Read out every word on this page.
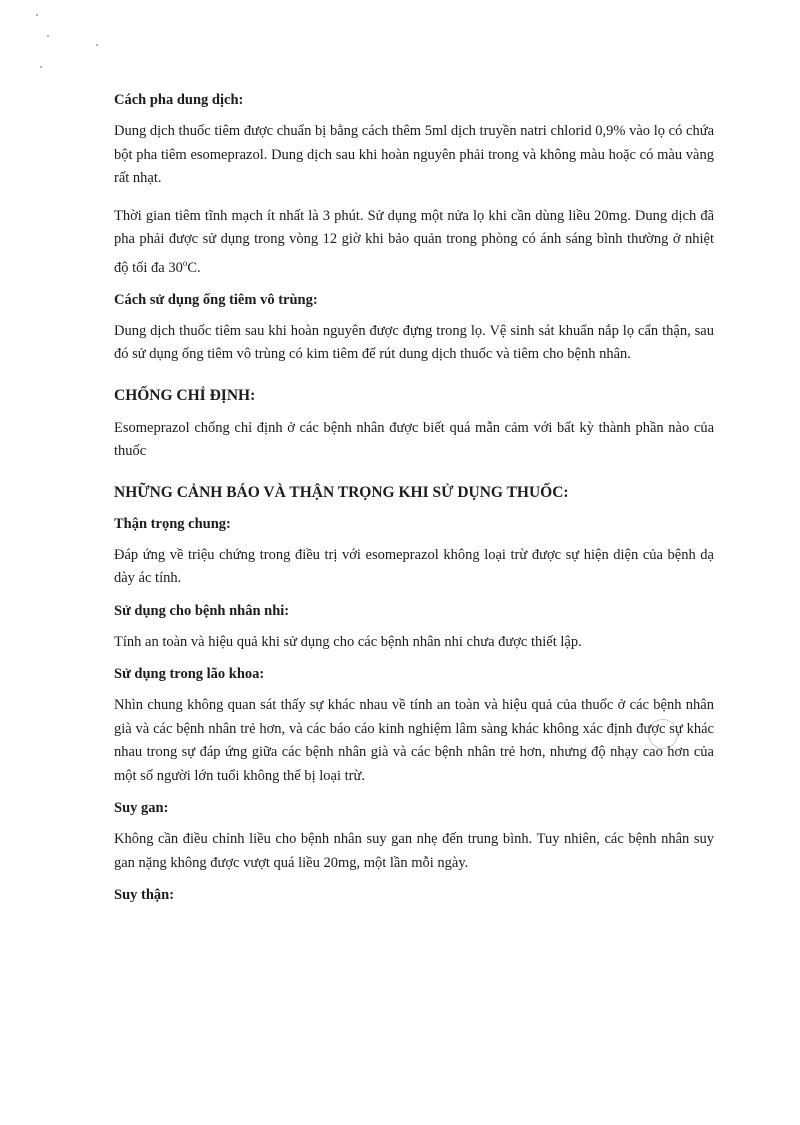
Cách pha dung dịch:

Dung dịch thuốc tiêm được chuẩn bị bằng cách thêm 5ml dịch truyền natri chlorid 0,9% vào lọ có chứa bột pha tiêm esomeprazol. Dung dịch sau khi hoàn nguyên phải trong và không màu hoặc có màu vàng rất nhạt.

Thời gian tiêm tĩnh mạch ít nhất là 3 phút. Sử dụng một nửa lọ khi cần dùng liều 20mg. Dung dịch đã pha phải được sử dụng trong vòng 12 giờ khi bảo quản trong phòng có ánh sáng bình thường ở nhiệt độ tối đa 30$^o$C.

Cách sử dụng ống tiêm vô trùng:

Dung dịch thuốc tiêm sau khi hoàn nguyên được đựng trong lọ. Vệ sinh sát khuẩn nắp lọ cẩn thận, sau đó sử dụng ống tiêm vô trùng có kim tiêm để rút dung dịch thuốc và tiêm cho bệnh nhân.

CHỐNG CHỈ ĐỊNH:

Esomeprazol chống chỉ định ở các bệnh nhân được biết quá mẫn cảm với bất kỳ thành phần nào của thuốc

NHỮNG CẢNH BÁO VÀ THẬN TRỌNG KHI SỬ DỤNG THUỐC:

Thận trọng chung:

Đáp ứng về triệu chứng trong điều trị với esomeprazol không loại trừ được sự hiện diện của bệnh dạ dày ác tính.

Sử dụng cho bệnh nhân nhi:

Tính an toàn và hiệu quả khi sử dụng cho các bệnh nhân nhi chưa được thiết lập.

Sử dụng trong lão khoa:

Nhìn chung không quan sát thấy sự khác nhau về tính an toàn và hiệu quả của thuốc ở các bệnh nhân già và các bệnh nhân trẻ hơn, và các báo cáo kinh nghiệm lâm sàng khác không xác định được sự khác nhau trong sự đáp ứng giữa các bệnh nhân già và các bệnh nhân trẻ hơn, nhưng độ nhạy cao hơn của một số người lớn tuổi không thể bị loại trừ.

Suy gan:

Không cần điều chỉnh liều cho bệnh nhân suy gan nhẹ đến trung bình. Tuy nhiên, các bệnh nhân suy gan nặng không được vượt quá liều 20mg, một lần mỗi ngày.

Suy thận:
